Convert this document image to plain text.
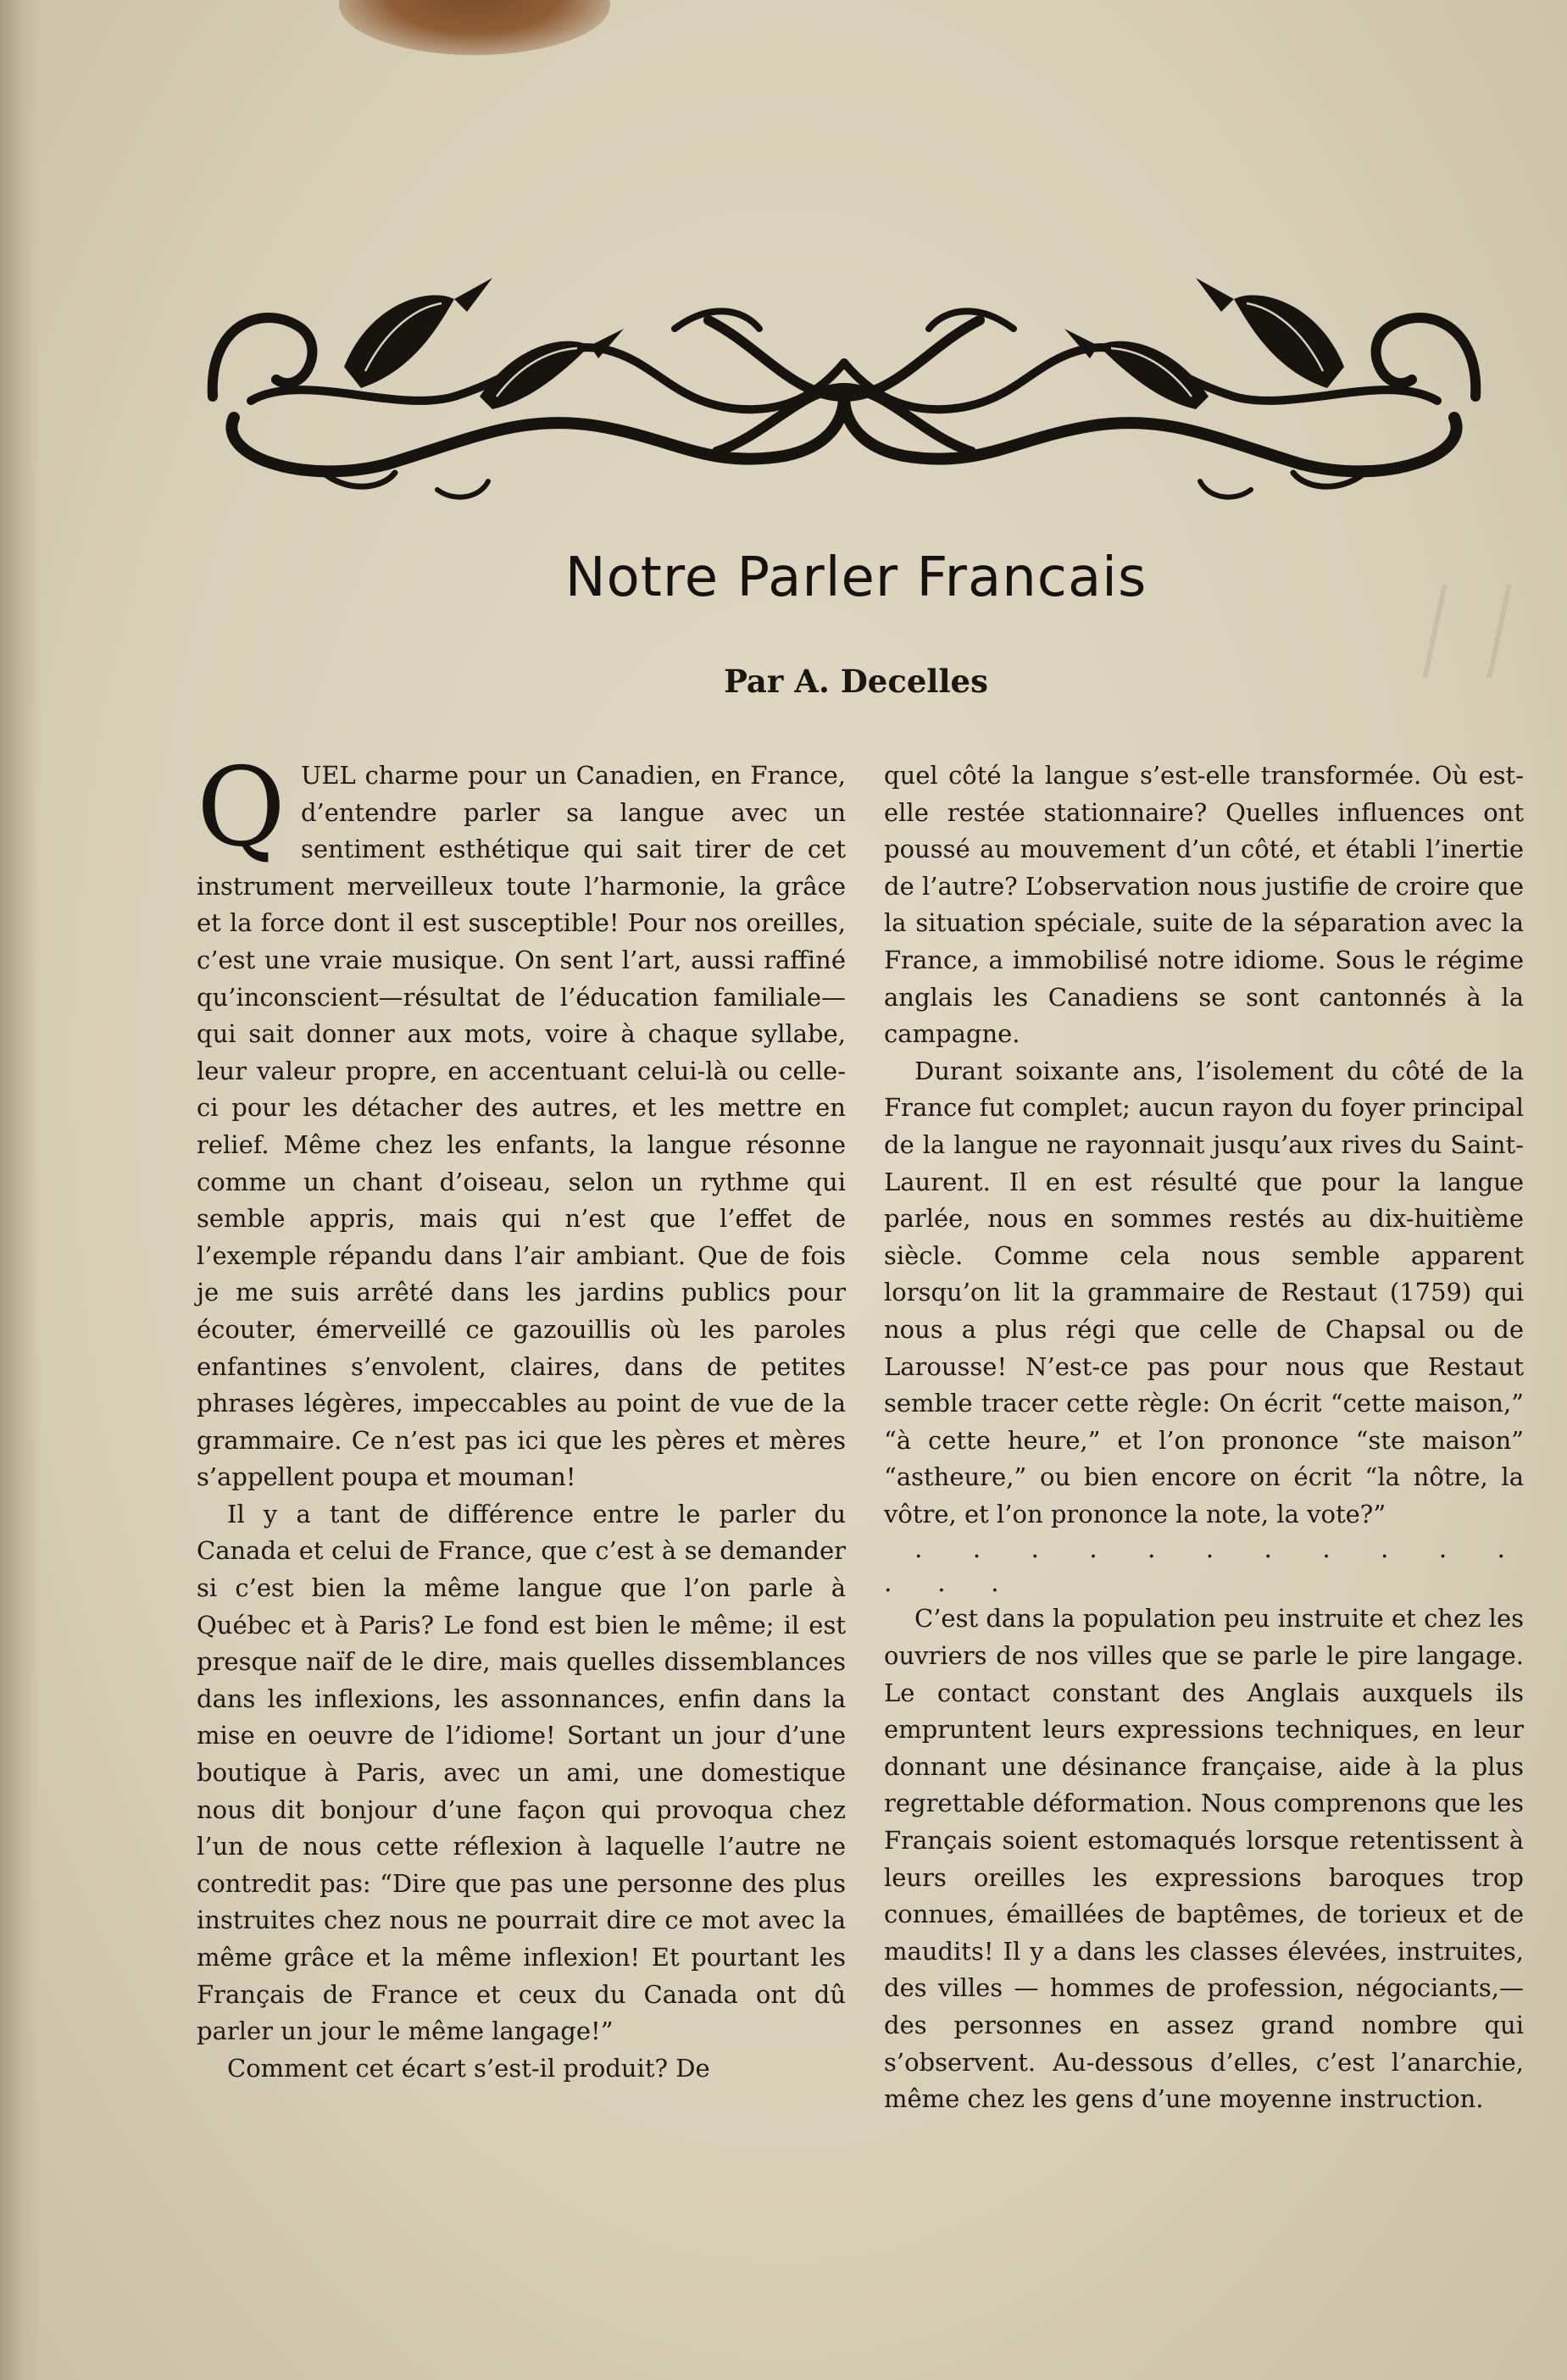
Notre Parler Francais
Par A. Decelles

QUEL charme pour un Canadien, en France, d’entendre parler sa langue avec un sentiment esthétique qui sait tirer de cet instrument merveilleux toute l’harmonie, la grâce et la force dont il est susceptible! Pour nos oreilles, c’est une vraie musique. On sent l’art, aussi raffiné qu’inconscient—résultat de l’éducation familiale—qui sait donner aux mots, voire à chaque syllabe, leur valeur propre, en accentuant celui-là ou celle-ci pour les détacher des autres, et les mettre en relief. Même chez les enfants, la langue résonne comme un chant d’oiseau, selon un rythme qui semble appris, mais qui n’est que l’effet de l’exemple répandu dans l’air ambiant. Que de fois je me suis arrêté dans les jardins publics pour écouter, émerveillé ce gazouillis où les paroles enfantines s’envolent, claires, dans de petites phrases légères, impeccables au point de vue de la grammaire. Ce n’est pas ici que les pères et mères s’appellent poupa et mouman!

Il y a tant de différence entre le parler du Canada et celui de France, que c’est à se demander si c’est bien la même langue que l’on parle à Québec et à Paris? Le fond est bien le même; il est presque naïf de le dire, mais quelles dissemblances dans les inflexions, les assonnances, enfin dans la mise en oeuvre de l’idiome! Sortant un jour d’une boutique à Paris, avec un ami, une domestique nous dit bonjour d’une façon qui provoqua chez l’un de nous cette réflexion à laquelle l’autre ne contredit pas: “Dire que pas une personne des plus instruites chez nous ne pourrait dire ce mot avec la même grâce et la même inflexion! Et pourtant les Français de France et ceux du Canada ont dû parler un jour le même langage!”

Comment cet écart s’est-il produit? De

quel côté la langue s’est-elle transformée. Où est-elle restée stationnaire? Quelles influences ont poussé au mouvement d’un côté, et établi l’inertie de l’autre? L’observation nous justifie de croire que la situation spéciale, suite de la séparation avec la France, a immobilisé notre idiome. Sous le régime anglais les Canadiens se sont cantonnés à la campagne.

Durant soixante ans, l’isolement du côté de la France fut complet; aucun rayon du foyer principal de la langue ne rayonnait jusqu’aux rives du Saint-Laurent. Il en est résulté que pour la langue parlée, nous en sommes restés au dix-huitième siècle. Comme cela nous semble apparent lorsqu’on lit la grammaire de Restaut (1759) qui nous a plus régi que celle de Chapsal ou de Larousse! N’est-ce pas pour nous que Restaut semble tracer cette règle: On écrit “cette maison,” “à cette heure,” et l’on prononce “ste maison” “astheure,” ou bien encore on écrit “la nôtre, la vôtre, et l’on prononce la note, la vote?”

. . . . . . . . . . . . . .

C’est dans la population peu instruite et chez les ouvriers de nos villes que se parle le pire langage. Le contact constant des Anglais auxquels ils empruntent leurs expressions techniques, en leur donnant une désinance française, aide à la plus regrettable déformation. Nous comprenons que les Français soient estomaqués lorsque retentissent à leurs oreilles les expressions baroques trop connues, émaillées de baptêmes, de torieux et de maudits! Il y a dans les classes élevées, instruites, des villes — hommes de profession, négociants,—des personnes en assez grand nombre qui s’observent. Au-dessous d’elles, c’est l’anarchie, même chez les gens d’une moyenne instruction.
